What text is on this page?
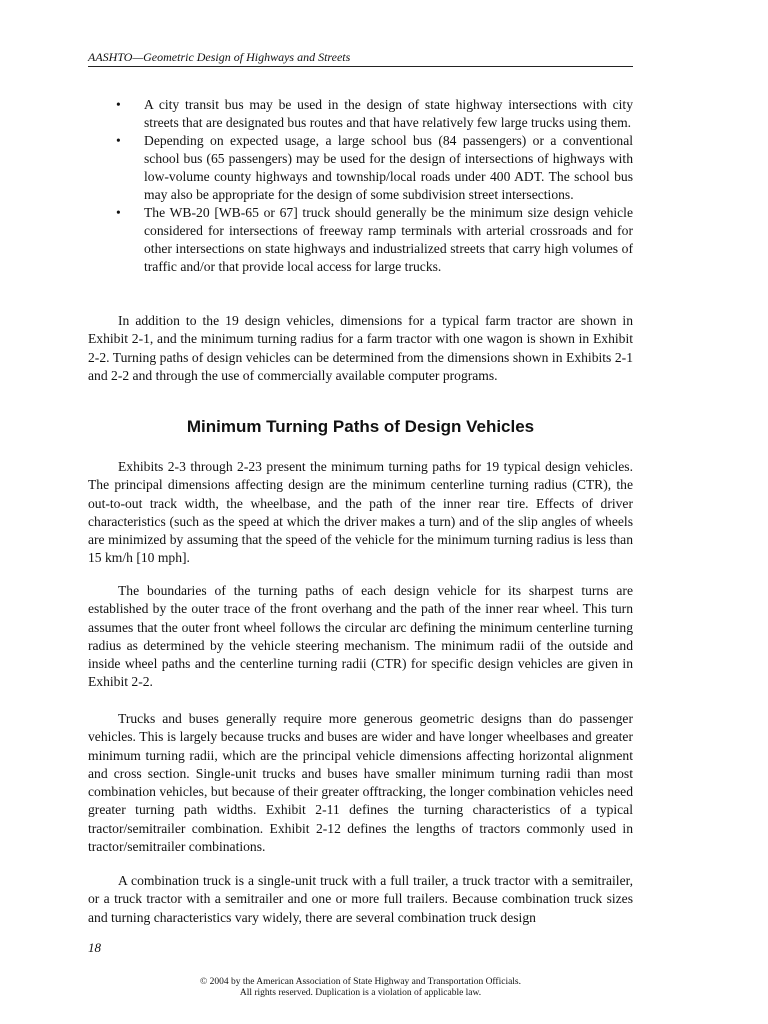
AASHTO—Geometric Design of Highways and Streets
• A city transit bus may be used in the design of state highway intersections with city streets that are designated bus routes and that have relatively few large trucks using them.
• Depending on expected usage, a large school bus (84 passengers) or a conventional school bus (65 passengers) may be used for the design of intersections of highways with low-volume county highways and township/local roads under 400 ADT. The school bus may also be appropriate for the design of some subdivision street intersections.
• The WB-20 [WB-65 or 67] truck should generally be the minimum size design vehicle considered for intersections of freeway ramp terminals with arterial crossroads and for other intersections on state highways and industrialized streets that carry high volumes of traffic and/or that provide local access for large trucks.

In addition to the 19 design vehicles, dimensions for a typical farm tractor are shown in Exhibit 2-1, and the minimum turning radius for a farm tractor with one wagon is shown in Exhibit 2-2. Turning paths of design vehicles can be determined from the dimensions shown in Exhibits 2-1 and 2-2 and through the use of commercially available computer programs.

Minimum Turning Paths of Design Vehicles

Exhibits 2-3 through 2-23 present the minimum turning paths for 19 typical design vehicles. The principal dimensions affecting design are the minimum centerline turning radius (CTR), the out-to-out track width, the wheelbase, and the path of the inner rear tire. Effects of driver characteristics (such as the speed at which the driver makes a turn) and of the slip angles of wheels are minimized by assuming that the speed of the vehicle for the minimum turning radius is less than 15 km/h [10 mph].

The boundaries of the turning paths of each design vehicle for its sharpest turns are established by the outer trace of the front overhang and the path of the inner rear wheel. This turn assumes that the outer front wheel follows the circular arc defining the minimum centerline turning radius as determined by the vehicle steering mechanism. The minimum radii of the outside and inside wheel paths and the centerline turning radii (CTR) for specific design vehicles are given in Exhibit 2-2.

Trucks and buses generally require more generous geometric designs than do passenger vehicles. This is largely because trucks and buses are wider and have longer wheelbases and greater minimum turning radii, which are the principal vehicle dimensions affecting horizontal alignment and cross section. Single-unit trucks and buses have smaller minimum turning radii than most combination vehicles, but because of their greater offtracking, the longer combination vehicles need greater turning path widths. Exhibit 2-11 defines the turning characteristics of a typical tractor/semitrailer combination. Exhibit 2-12 defines the lengths of tractors commonly used in tractor/semitrailer combinations.

A combination truck is a single-unit truck with a full trailer, a truck tractor with a semitrailer, or a truck tractor with a semitrailer and one or more full trailers. Because combination truck sizes and turning characteristics vary widely, there are several combination truck design

18
© 2004 by the American Association of State Highway and Transportation Officials.
All rights reserved. Duplication is a violation of applicable law.
